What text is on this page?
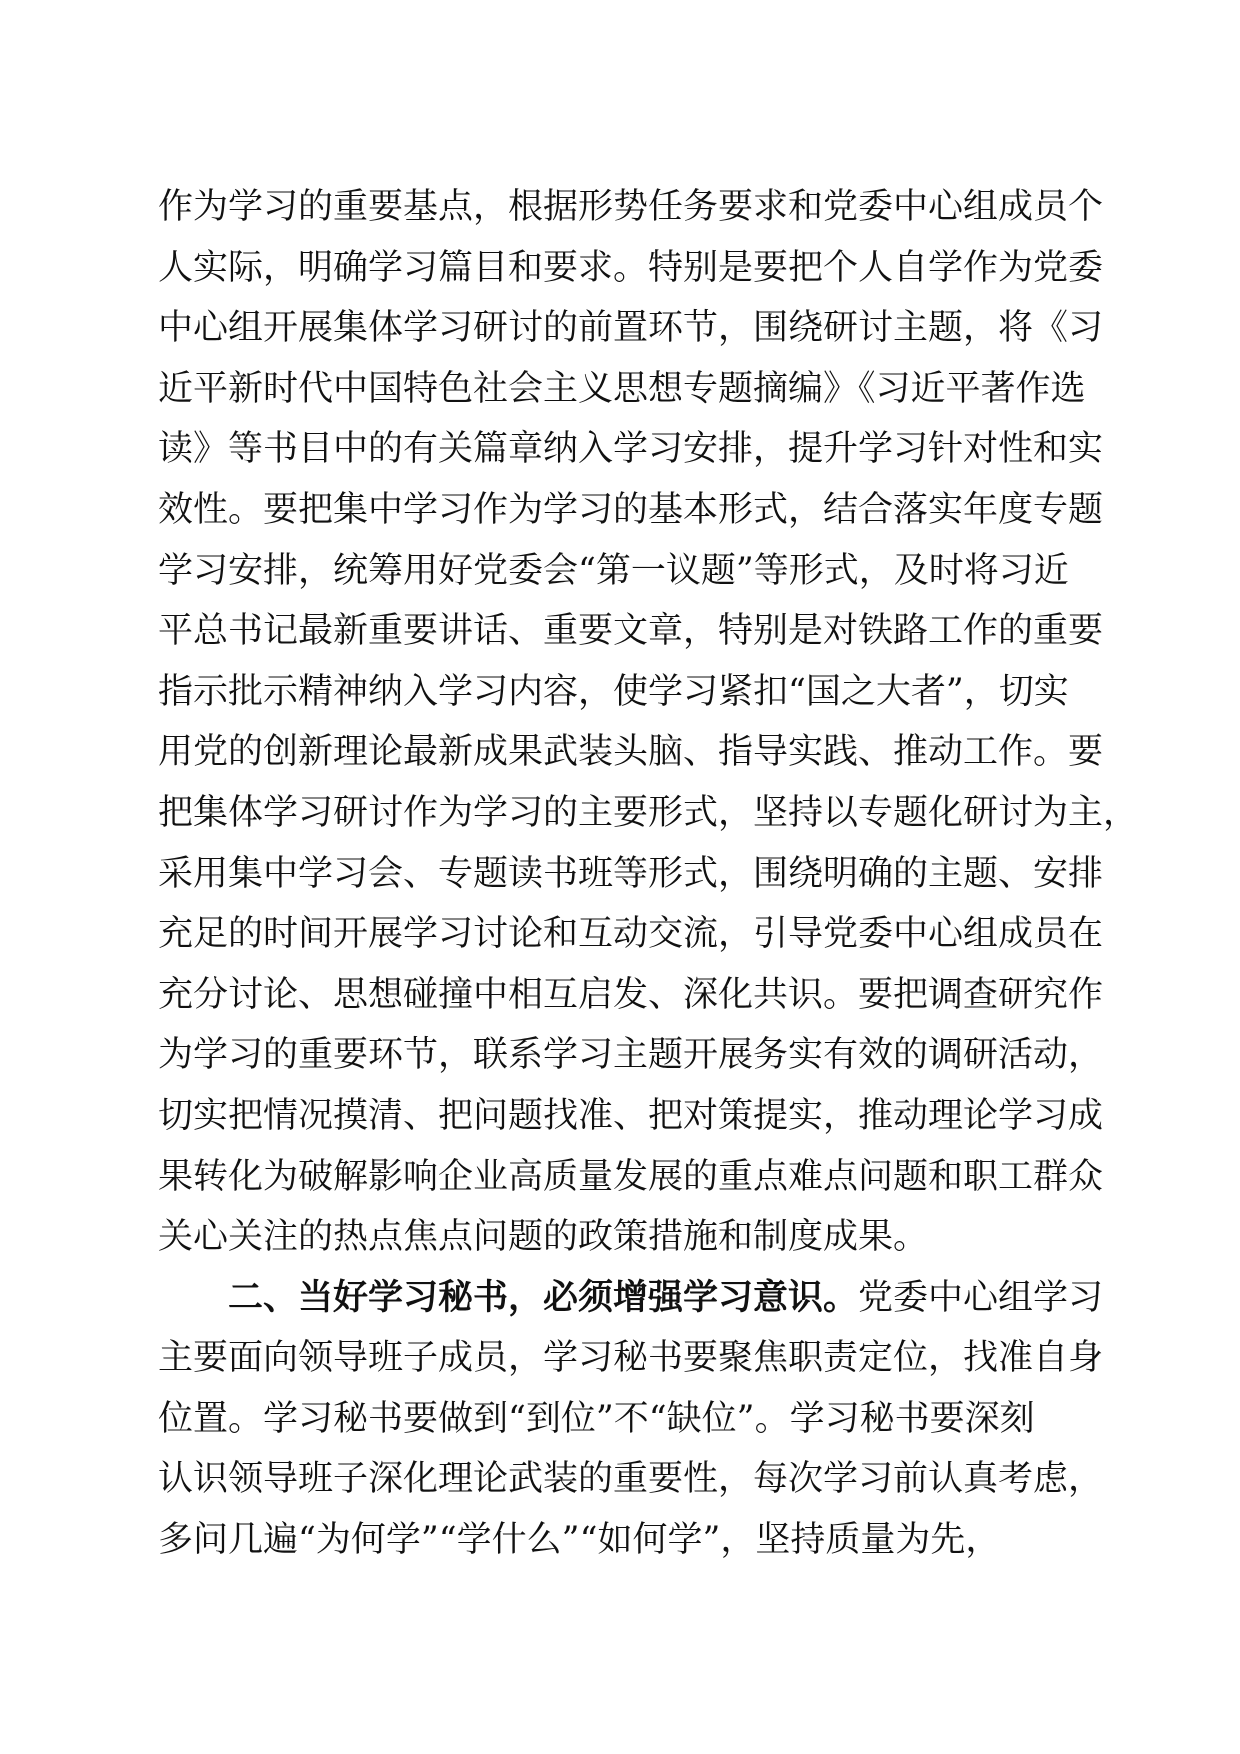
作为学习的重要基点，根据形势任务要求和党委中心组成员个
人实际，明确学习篇目和要求。特别是要把个人自学作为党委
中心组开展集体学习研讨的前置环节，围绕研讨主题，将《习
近平新时代中国特色社会主义思想专题摘编》《习近平著作选
读》等书目中的有关篇章纳入学习安排，提升学习针对性和实
效性。要把集中学习作为学习的基本形式，结合落实年度专题
学习安排，统筹用好党委会“第一议题”等形式，及时将习近
平总书记最新重要讲话、重要文章，特别是对铁路工作的重要
指示批示精神纳入学习内容，使学习紧扣“国之大者”，切实
用党的创新理论最新成果武装头脑、指导实践、推动工作。要
把集体学习研讨作为学习的主要形式，坚持以专题化研讨为主，
采用集中学习会、专题读书班等形式，围绕明确的主题、安排
充足的时间开展学习讨论和互动交流，引导党委中心组成员在
充分讨论、思想碰撞中相互启发、深化共识。要把调查研究作
为学习的重要环节，联系学习主题开展务实有效的调研活动，
切实把情况摸清、把问题找准、把对策提实，推动理论学习成
果转化为破解影响企业高质量发展的重点难点问题和职工群众
关心关注的热点焦点问题的政策措施和制度成果。
二、当好学习秘书，必须增强学习意识。党委中心组学习
主要面向领导班子成员，学习秘书要聚焦职责定位，找准自身
位置。学习秘书要做到“到位”不“缺位”。学习秘书要深刻
认识领导班子深化理论武装的重要性，每次学习前认真考虑，
多问几遍“为何学”“学什么”“如何学”，坚持质量为先，
